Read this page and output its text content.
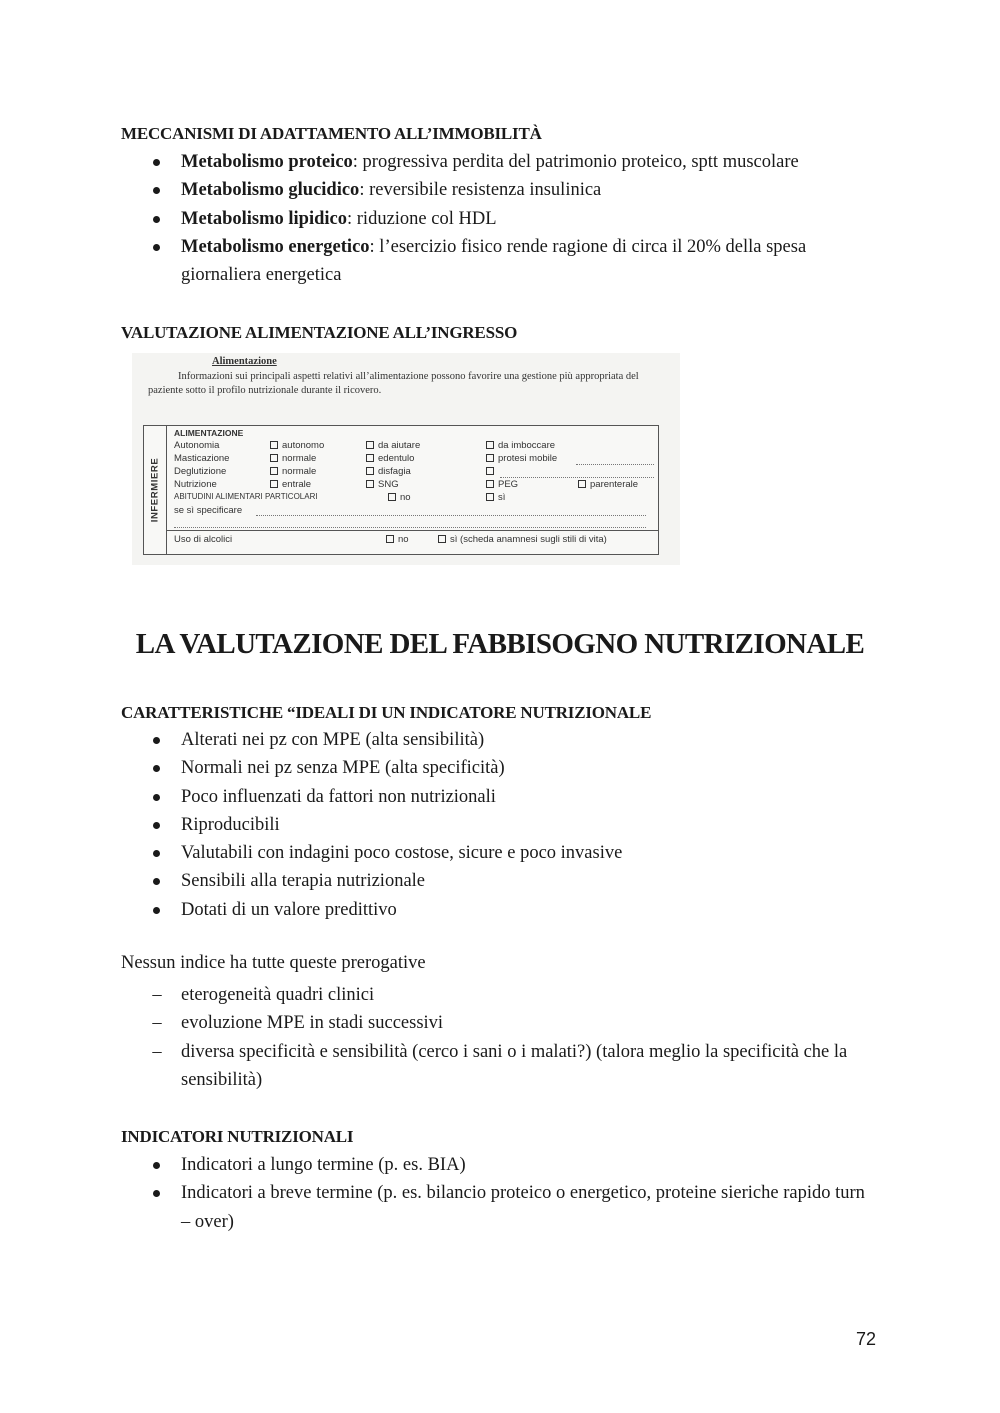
MECCANISMI DI ADATTAMENTO ALL’IMMOBILITÀ
Metabolismo proteico: progressiva perdita del patrimonio proteico, sptt muscolare
Metabolismo glucidico: reversibile resistenza insulinica
Metabolismo lipidico: riduzione col HDL
Metabolismo energetico: l’esercizio fisico rende ragione di circa il 20% della spesa giornaliera energetica
VALUTAZIONE ALIMENTAZIONE ALL’INGRESSO
Alimentazione
Informazioni sui principali aspetti relativi all’alimentazione possono favorire una gestione più appropriata del paziente sotto il profilo nutrizionale durante il ricovero.
INFERMIERE
ALIMENTAZIONE
Autonomia	autonomo	da aiutare	da imboccare
Masticazione	normale	edentulo	protesi mobile
Deglutizione	normale	disfagia
Nutrizione	entrale	SNG	PEG	parenterale
ABITUDINI ALIMENTARI PARTICOLARI	no	sì
se sì specificare
Uso di alcolici	no	sì (scheda anamnesi sugli stili di vita)
LA VALUTAZIONE DEL FABBISOGNO NUTRIZIONALE
CARATTERISTICHE “IDEALI DI UN INDICATORE NUTRIZIONALE
Alterati nei pz con MPE (alta sensibilità)
Normali nei pz senza MPE (alta specificità)
Poco influenzati da fattori non nutrizionali
Riproducibili
Valutabili con indagini poco costose, sicure e poco invasive
Sensibili alla terapia nutrizionale
Dotati di un valore predittivo
Nessun indice ha tutte queste prerogative
– eterogeneità quadri clinici
– evoluzione MPE in stadi successivi
– diversa specificità e sensibilità (cerco i sani o i malati?) (talora meglio la specificità che la sensibilità)
INDICATORI NUTRIZIONALI
Indicatori a lungo termine (p. es. BIA)
Indicatori a breve termine (p. es. bilancio proteico o energetico, proteine sieriche rapido turn – over)
72
